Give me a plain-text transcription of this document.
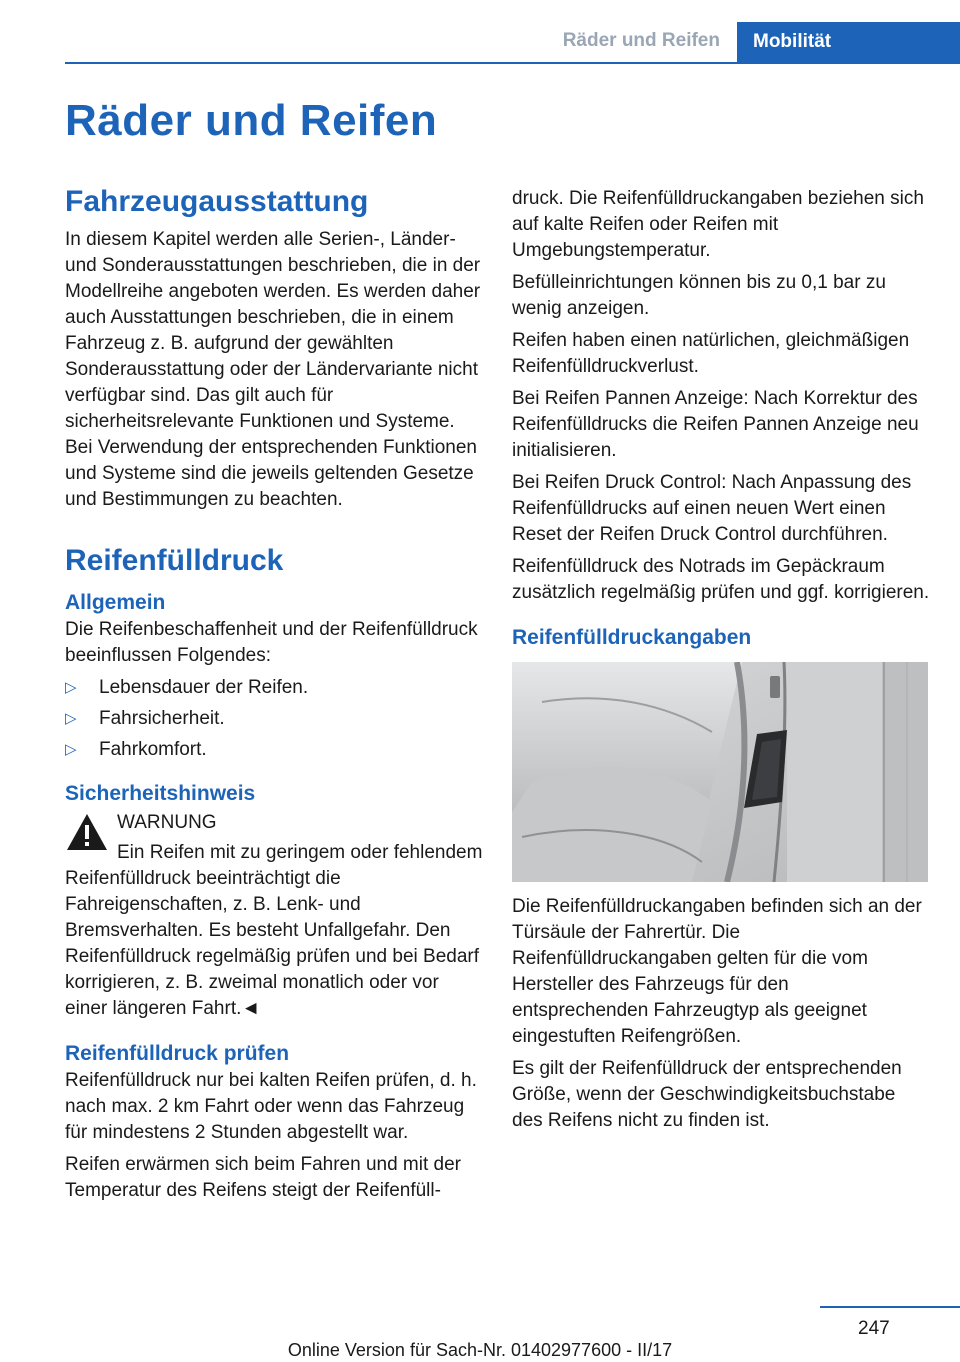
Räder und Reifen Mobilität
Räder und Reifen
Fahrzeugausstattung

In diesem Kapitel werden alle Serien-, Länder- und Sonderausstattungen beschrieben, die in der Modellreihe angeboten werden. Es werden daher auch Ausstattungen beschrieben, die in einem Fahrzeug z. B. aufgrund der gewählten Sonderausstattung oder der Ländervariante nicht verfügbar sind. Das gilt auch für sicherheitsrelevante Funktionen und Systeme. Bei Verwendung der entsprechenden Funktionen und Systeme sind die jeweils geltenden Gesetze und Bestimmungen zu beachten.

Reifenfülldruck
Allgemein

Die Reifenbeschaffenheit und der Reifenfülldruck beeinflussen Folgendes:

▷ Lebensdauer der Reifen.
▷ Fahrsicherheit.
▷ Fahrkomfort.
Sicherheitshinweis

WARNUNG

Ein Reifen mit zu geringem oder fehlendem Reifenfülldruck beeinträchtigt die Fahreigenschaften, z. B. Lenk- und Bremsverhalten. Es besteht Unfallgefahr. Den Reifenfülldruck regelmäßig prüfen und bei Bedarf korrigieren, z. B. zweimal monatlich oder vor einer längeren Fahrt.◄

Reifenfülldruck prüfen

Reifenfülldruck nur bei kalten Reifen prüfen, d. h. nach max. 2 km Fahrt oder wenn das Fahrzeug für mindestens 2 Stunden abgestellt war.

Reifen erwärmen sich beim Fahren und mit der Temperatur des Reifens steigt der Reifenfüll-

druck. Die Reifenfülldruckangaben beziehen sich auf kalte Reifen oder Reifen mit Umgebungstemperatur.

Befülleinrichtungen können bis zu 0,1 bar zu wenig anzeigen.

Reifen haben einen natürlichen, gleichmäßigen Reifenfülldruckverlust.

Bei Reifen Pannen Anzeige: Nach Korrektur des Reifenfülldrucks die Reifen Pannen Anzeige neu initialisieren.

Bei Reifen Druck Control: Nach Anpassung des Reifenfülldrucks auf einen neuen Wert einen Reset der Reifen Druck Control durchführen.

Reifenfülldruck des Notrads im Gepäckraum zusätzlich regelmäßig prüfen und ggf. korrigieren.

Reifenfülldruckangaben

Die Reifenfülldruckangaben befinden sich an der Türsäule der Fahrertür. Die Reifenfülldruckangaben gelten für die vom Hersteller des Fahrzeugs für den entsprechenden Fahrzeugtyp als geeignet eingestuften Reifengrößen.

Es gilt der Reifenfülldruck der entsprechenden Größe, wenn der Geschwindigkeitsbuchstabe des Reifens nicht zu finden ist.

247
Online Version für Sach-Nr. 01402977600 - II/17
